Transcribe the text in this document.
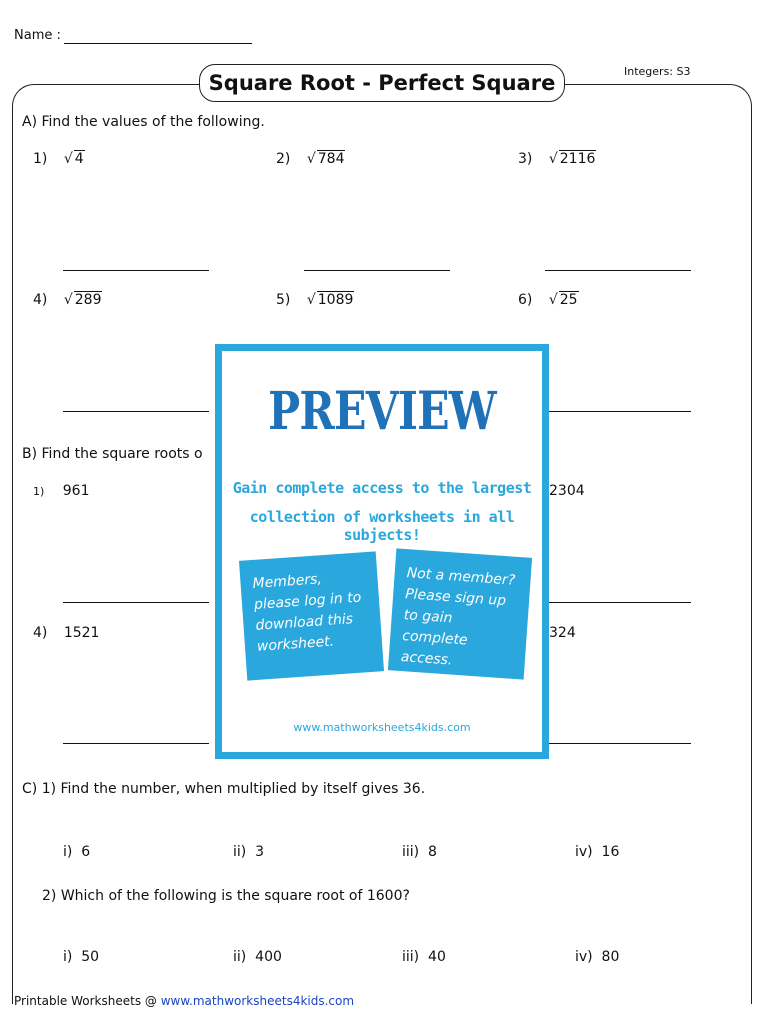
Name :
Square Root - Perfect Square	Integers: S3
A) Find the values of the following.
1) √ 4	2) √ 784	3) √ 2116
4) √ 289	5) √ 1089	6) √ 25
B) Find the square roots o
1) 961	2304
4) 1521	324
C) 1) Find the number, when multiplied by itself gives 36.
i) 6	ii) 3	iii) 8	iv) 16
2) Which of the following is the square root of 1600?
i) 50	ii) 400	iii) 40	iv) 80
Printable Worksheets @ www.mathworksheets4kids.com
PREVIEW
Gain complete access to the largest
collection of worksheets in all subjects!
Members, please log in to download this worksheet.
Not a member? Please sign up to gain complete access.
www.mathworksheets4kids.com
